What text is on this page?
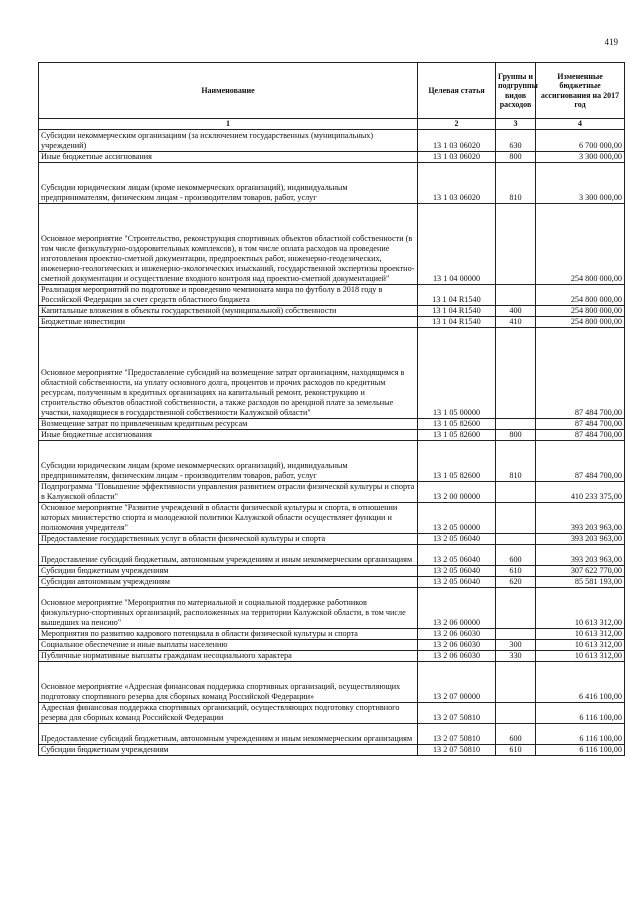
419
Наименование	Целевая статья	Группы и подгруппы видов расходов	Измененные бюджетные ассигнования на 2017 год
1	2	3	4
Субсидии некоммерческим организациям (за исключением государственных (муниципальных) учреждений)	13 1 03 06020	630	6 700 000,00
Иные бюджетные ассигнования	13 1 03 06020	800	3 300 000,00
Субсидии юридическим лицам (кроме некоммерческих организаций), индивидуальным предпринимателям, физическим лицам - производителям товаров, работ, услуг	13 1 03 06020	810	3 300 000,00
Основное мероприятие "Строительство, реконструкция спортивных объектов областной собственности (в том числе физкультурно-оздоровительных комплексов), в том числе оплата расходов на проведение изготовления проектно-сметной документации, предпроектных работ, инженерно-геодезических, инженерно-геологических и инженерно-экологических изысканий, государственной экспертизы проектно-сметной документации и осуществление входного контроля над проектно-сметной документацией"	13 1 04 00000		254 800 000,00
Реализация мероприятий по подготовке и проведению чемпионата мира по футболу в 2018 году в Российской Федерации за счет средств областного бюджета	13 1 04 R1540		254 800 000,00
Капитальные вложения в объекты государственной (муниципальной) собственности	13 1 04 R1540	400	254 800 000,00
Бюджетные инвестиции	13 1 04 R1540	410	254 800 000,00
Основное мероприятие "Предоставление субсидий на возмещение затрат организациям, находящимся в областной собственности, на уплату основного долга, процентов и прочих расходов по кредитным ресурсам, полученным в кредитных организациях на капитальный ремонт, реконструкцию и строительство объектов областной собственности, а также расходов по арендной плате за земельные участки, находящиеся в государственной собственности Калужской области"	13 1 05 00000		87 484 700,00
Возмещение затрат по привлеченным кредитным ресурсам	13 1 05 82600		87 484 700,00
Иные бюджетные ассигнования	13 1 05 82600	800	87 484 700,00
Субсидии юридическим лицам (кроме некоммерческих организаций), индивидуальным предпринимателям, физическим лицам - производителям товаров, работ, услуг	13 1 05 82600	810	87 484 700,00
Подпрограмма "Повышение эффективности управления развитием отрасли физической культуры и спорта в Калужской области"	13 2 00 00000		410 233 375,00
Основное мероприятие "Развитие учреждений в области физической культуры и спорта, в отношении которых министерство спорта и молодежной политики Калужской области осуществляет функции и полномочия учредителя"	13 2 05 00000		393 203 963,00
Предоставление государственных услуг в области физической культуры и спорта	13 2 05 06040		393 203 963,00
Предоставление субсидий бюджетным, автономным учреждениям и иным некоммерческим организациям	13 2 05 06040	600	393 203 963,00
Субсидии бюджетным учреждениям	13 2 05 06040	610	307 622 770,00
Субсидии автономным учреждениям	13 2 05 06040	620	85 581 193,00
Основное мероприятие "Мероприятия по материальной и социальной поддержке работников физкультурно-спортивных организаций, расположенных на территории Калужской области, в том числе вышедших на пенсию"	13 2 06 00000		10 613 312,00
Мероприятия по развитию кадрового потенциала в области физической культуры и спорта	13 2 06 06030		10 613 312,00
Социальное обеспечение и иные выплаты населению	13 2 06 06030	300	10 613 312,00
Публичные нормативные выплаты гражданам несоциального характера	13 2 06 06030	330	10 613 312,00
Основное мероприятие «Адресная финансовая поддержка спортивных организаций, осуществляющих подготовку спортивного резерва для сборных команд Российской Федерации»	13 2 07 00000		6 416 100,00
Адресная финансовая поддержка спортивных организаций, осуществляющих подготовку спортивного резерва для сборных команд Российской Федерации	13 2 07 50810		6 116 100,00
Предоставление субсидий бюджетным, автономным учреждениям и иным некоммерческим организациям	13 2 07 50810	600	6 116 100,00
Субсидии бюджетным учреждениям	13 2 07 50810	610	6 116 100,00
